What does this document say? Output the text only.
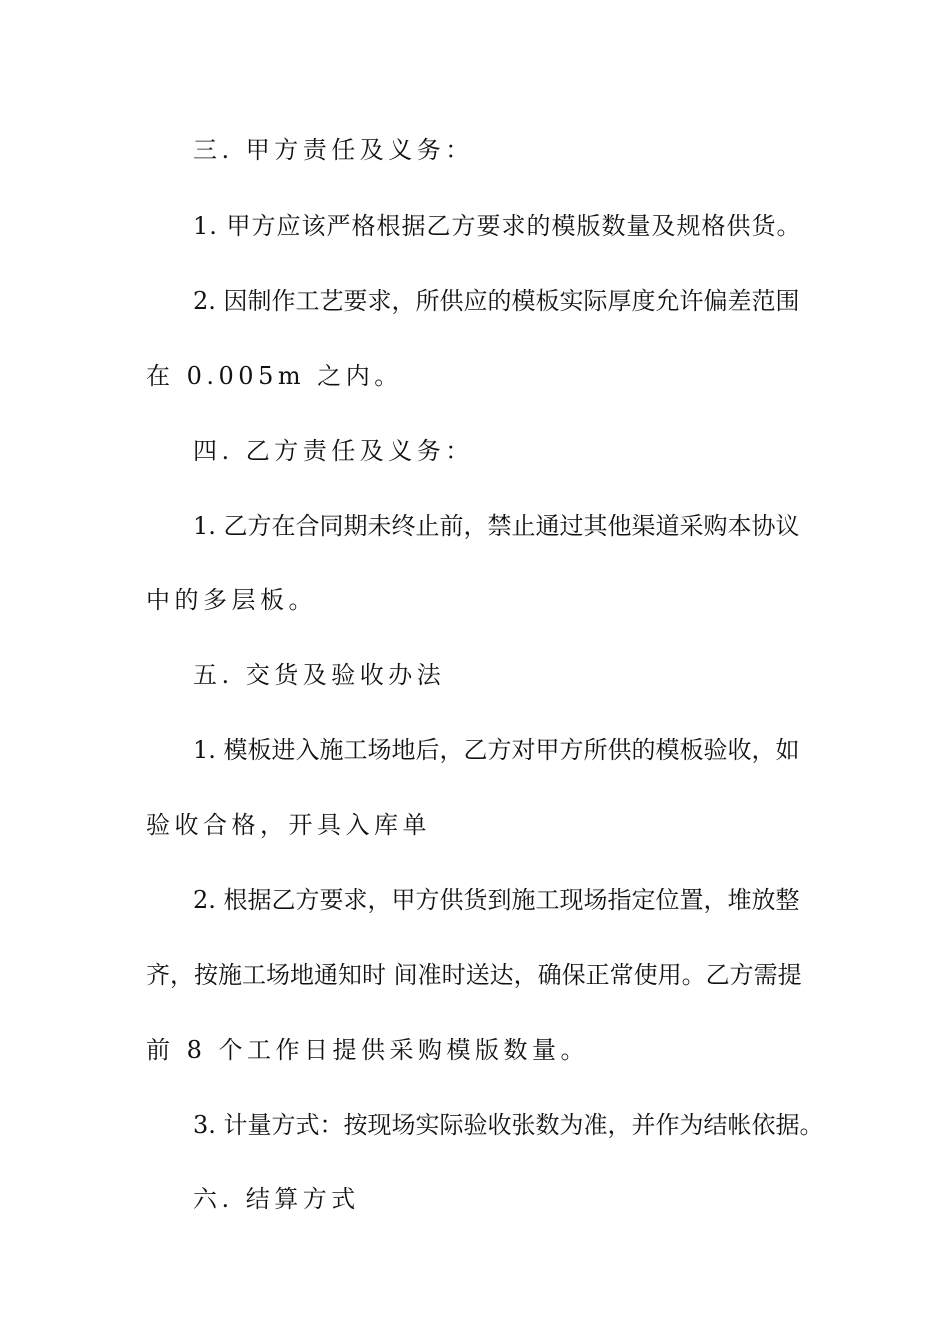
三. 甲方责任及义务：
1. 甲方应该严格根据乙方要求的模版数量及规格供货。
2. 因制作工艺要求，所供应的模板实际厚度允许偏差范围
在 0.005m 之内。
四. 乙方责任及义务：
1. 乙方在合同期未终止前，禁止通过其他渠道采购本协议
中的多层板。
五. 交货及验收办法
1. 模板进入施工场地后，乙方对甲方所供的模板验收，如
验收合格，开具入库单
2. 根据乙方要求，甲方供货到施工现场指定位置，堆放整
齐，按施工场地通知时 间准时送达，确保正常使用。乙方需提
前 8 个工作日提供采购模版数量。
3. 计量方式：按现场实际验收张数为准，并作为结帐依据。
六. 结算方式
